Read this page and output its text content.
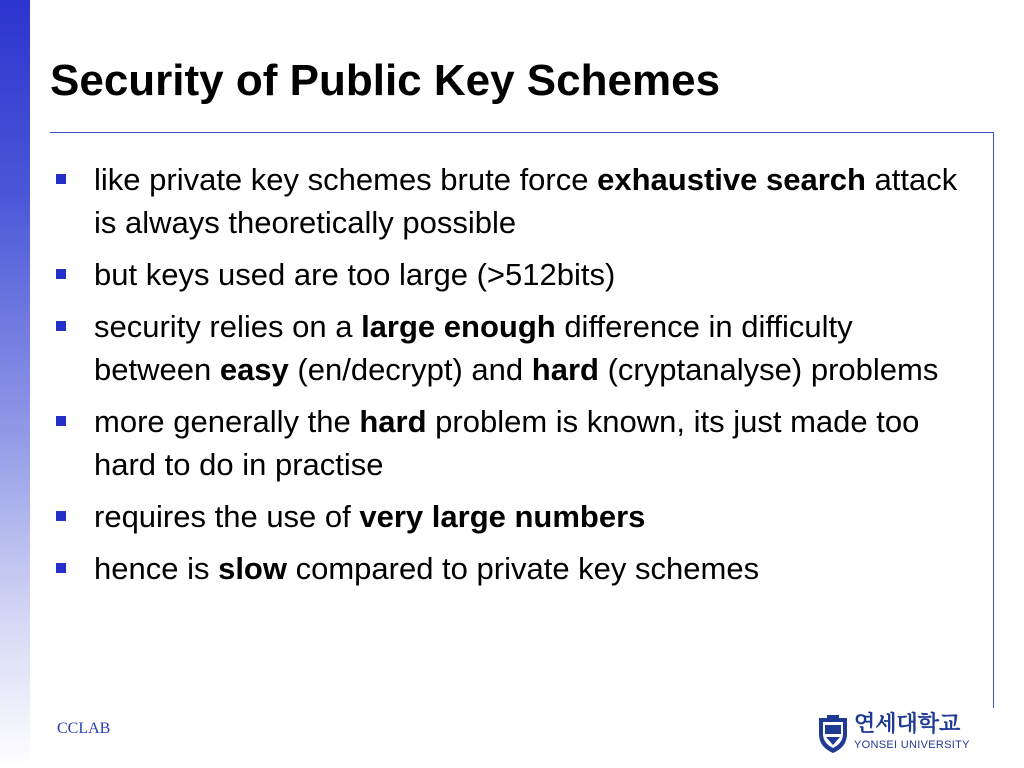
Security of Public Key Schemes
like private key schemes brute force exhaustive search attack is always theoretically possible
but keys used are too large (>512bits)
security relies on a large enough difference in difficulty between easy (en/decrypt) and hard (cryptanalyse) problems
more generally the hard problem is known, its just made too hard to do in practise
requires the use of very large numbers
hence is slow compared to private key schemes
CCLAB	연세대학교
YONSEI UNIVERSITY
